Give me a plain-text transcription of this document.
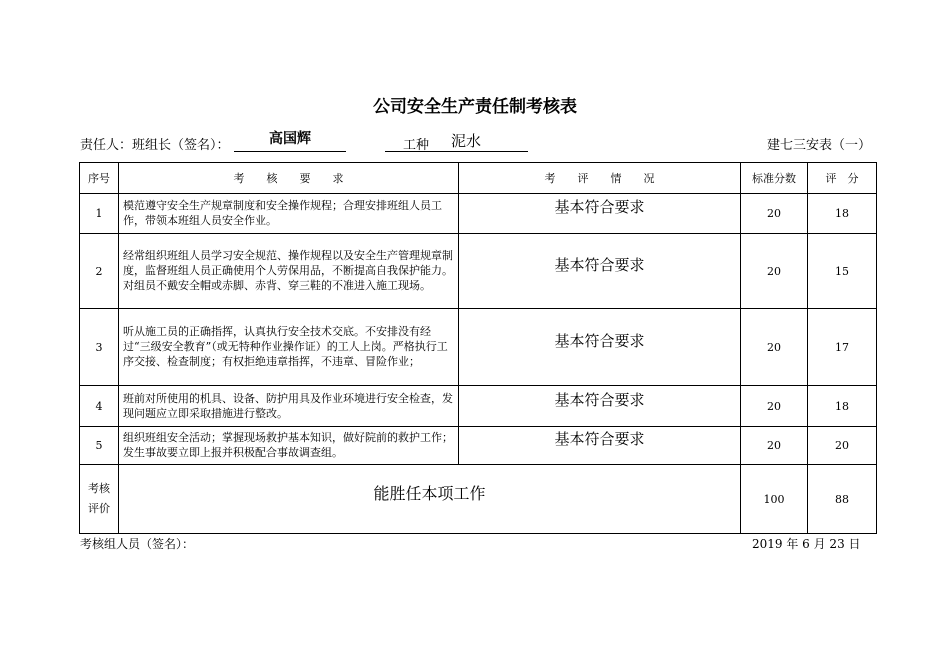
公司安全生产责任制考核表
责任人：班组长（签名）：	高国辉	工种 泥水	建七三安表（一）
序号	考　　核　　要　　求	考　　评　　情　　况	标准分数	评　分
1	模范遵守安全生产规章制度和安全操作规程；合理安排班组人员工作，带领本班组人员安全作业。	基本符合要求	20	18
2	经常组织班组人员学习安全规范、操作规程以及安全生产管理规章制度，监督班组人员正确使用个人劳保用品，不断提高自我保护能力。对组员不戴安全帽或赤脚、赤背、穿三鞋的不准进入施工现场。	基本符合要求	20	15
3	听从施工员的正确指挥，认真执行安全技术交底。不安排没有经过“三级安全教育”（或无特种作业操作证）的工人上岗。严格执行工序交接、检查制度；有权拒绝违章指挥，不违章、冒险作业；	基本符合要求	20	17
4	班前对所使用的机具、设备、防护用具及作业环境进行安全检查，发现问题应立即采取措施进行整改。	基本符合要求	20	18
5	组织班组安全活动；掌握现场救护基本知识，做好院前的救护工作；发生事故要立即上报并积极配合事故调查组。	基本符合要求	20	20

考核
评价	能胜任本项工作		100	88
考核组人员（签名）：	2019 年 6 月 23 日
